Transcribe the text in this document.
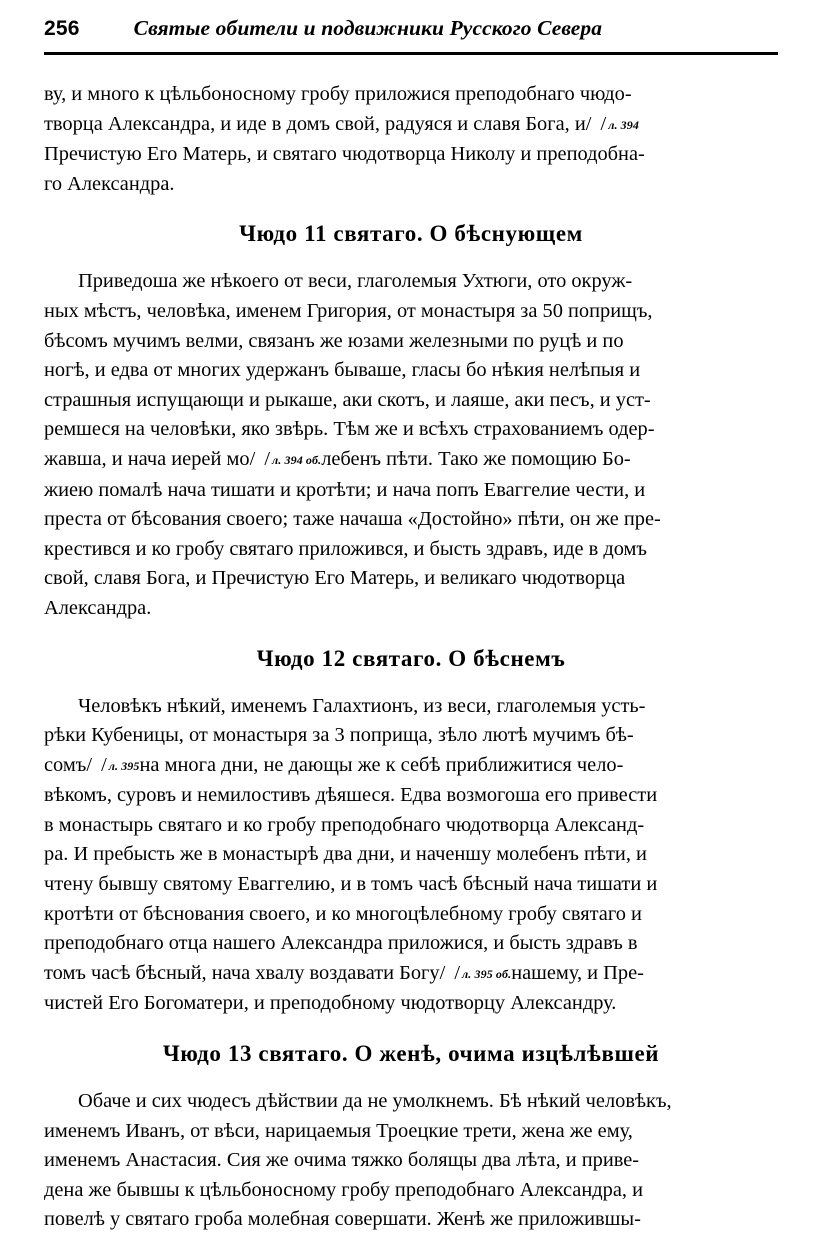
256	Святые обители и подвижники Русского Севера
ву, и много к цѣльбоносному гробу приложися преподобнаго чюдо-
творца Александра, и иде в домъ свой, радуяся и славя Бога, и/ /л. 394
Пречистую Его Матерь, и святаго чюдотворца Николу и преподобна-
го Александра.
Чюдо 11 святаго. О бѣснующем
Приведоша же нѣкоего от веси, глаголемыя Ухтюги, ото окруж-
ных мѣстъ, человѣка, именем Григория, от монастыря за 50 поприщъ,
бѣсомъ мучимъ велми, связанъ же юзами железными по руцѣ и по
ногѣ, и едва от многих удержанъ бываше, гласы бо нѣкия нелѣпыя и
страшныя испущающи и рыкаше, аки скотъ, и лаяше, аки песъ, и уст-
ремшеся на человѣки, яко звѣрь. Тѣм же и всѣхъ страхованиемъ одер-
жавша, и нача иерей мо/ /л. 394 об.лебенъ пѣти. Тако же помощию Бо-
жиею помалѣ нача тишати и кротѣти; и нача попъ Еваггелие чести, и
преста от бѣсования своего; таже начаша «Достойно» пѣти, он же пре-
крестився и ко гробу святаго приложився, и бысть здравъ, иде в домъ
свой, славя Бога, и Пречистую Его Матерь, и великаго чюдотворца
Александра.
Чюдо 12 святаго. О бѣснемъ
Человѣкъ нѣкий, именемъ Галахтионъ, из веси, глаголемыя усть-
рѣки Кубеницы, от монастыря за 3 поприща, зѣло лютѣ мучимъ бѣ-
сомъ/ /л. 395на многа дни, не дающы же к себѣ приближитися чело-
вѣкомъ, суровъ и немилостивъ дѣяшеся. Едва возмогоша его привести
в монастырь святаго и ко гробу преподобнаго чюдотворца Александ-
ра. И пребысть же в монастырѣ два дни, и наченшу молебенъ пѣти, и
чтену бывшу святому Еваггелию, и в томъ часѣ бѣсный нача тишати и
кротѣти от бѣснования своего, и ко многоцѣлебному гробу святаго и
преподобнаго отца нашего Александра приложися, и бысть здравъ в
томъ часѣ бѣсный, нача хвалу воздавати Богу/ /л. 395 об.нашему, и Пре-
чистей Его Богоматери, и преподобному чюдотворцу Александру.
Чюдо 13 святаго. О женѣ, очима изцѣлѣвшей
Обаче и сих чюдесъ дѣйствии да не умолкнемъ. Бѣ нѣкий человѣкъ,
именемъ Иванъ, от вѣси, нарицаемыя Троецкие трети, жена же ему,
именемъ Анастасия. Сия же очима тяжко болящы два лѣта, и приве-
дена же бывшы к цѣльбоносному гробу преподобнаго Александра, и
повелѣ у святаго гроба молебная совершати. Женѣ же приложившы-
